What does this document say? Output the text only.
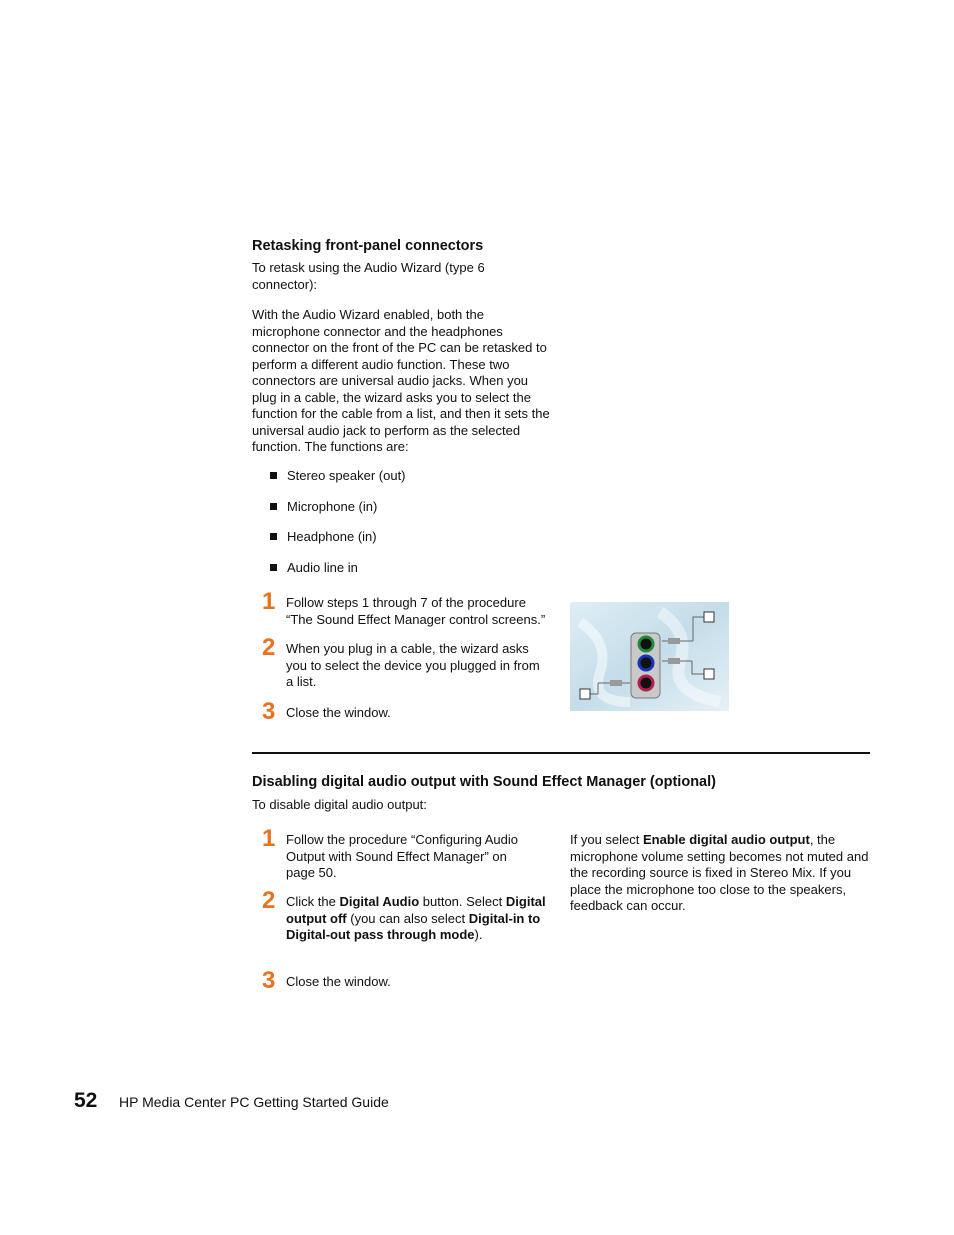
Retasking front-panel connectors
To retask using the Audio Wizard (type 6 connector):
With the Audio Wizard enabled, both the microphone connector and the headphones connector on the front of the PC can be retasked to perform a different audio function. These two connectors are universal audio jacks. When you plug in a cable, the wizard asks you to select the function for the cable from a list, and then it sets the universal audio jack to perform as the selected function. The functions are:
Stereo speaker (out)
Microphone (in)
Headphone (in)
Audio line in
1 Follow steps 1 through 7 of the procedure “The Sound Effect Manager control screens.”
2 When you plug in a cable, the wizard asks you to select the device you plugged in from a list.
3 Close the window.
Disabling digital audio output with Sound Effect Manager (optional)
To disable digital audio output:
1 Follow the procedure “Configuring Audio Output with Sound Effect Manager” on page 50.
2 Click the Digital Audio button. Select Digital output off (you can also select Digital-in to Digital-out pass through mode).
3 Close the window.
If you select Enable digital audio output, the microphone volume setting becomes not muted and the recording source is fixed in Stereo Mix. If you place the microphone too close to the speakers, feedback can occur.
52 HP Media Center PC Getting Started Guide
